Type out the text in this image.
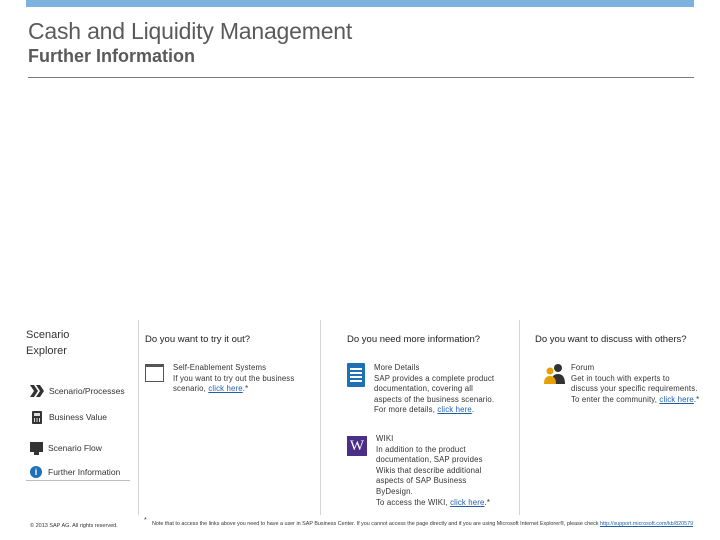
Cash and Liquidity Management
Further Information
Scenario Explorer
Scenario/Processes
Business Value
Scenario Flow
i	Further Information
© 2013 SAP AG. All rights reserved.
Do you want to try it out?	Do you need more information?	Do you want to discuss with others?
Self-Enablement Systems
If you want to try out the business
scenario, click here.*
More Details
SAP provides a complete product
documentation, covering all
aspects of the business scenario.
For more details, click here.
W	WIKI
In addition to the product
documentation, SAP provides
Wikis that describe additional
aspects of SAP Business
ByDesign.
To access the WIKI, click here.*
Forum
Get in touch with experts to
discuss your specific requirements.
To enter the community, click here.*
* Note that to access the links above you need to have a user in SAP Business Center. If you cannot access the page directly and if you are using Microsoft Internet Explorer®, please check http://support.microsoft.com/kb/820579
